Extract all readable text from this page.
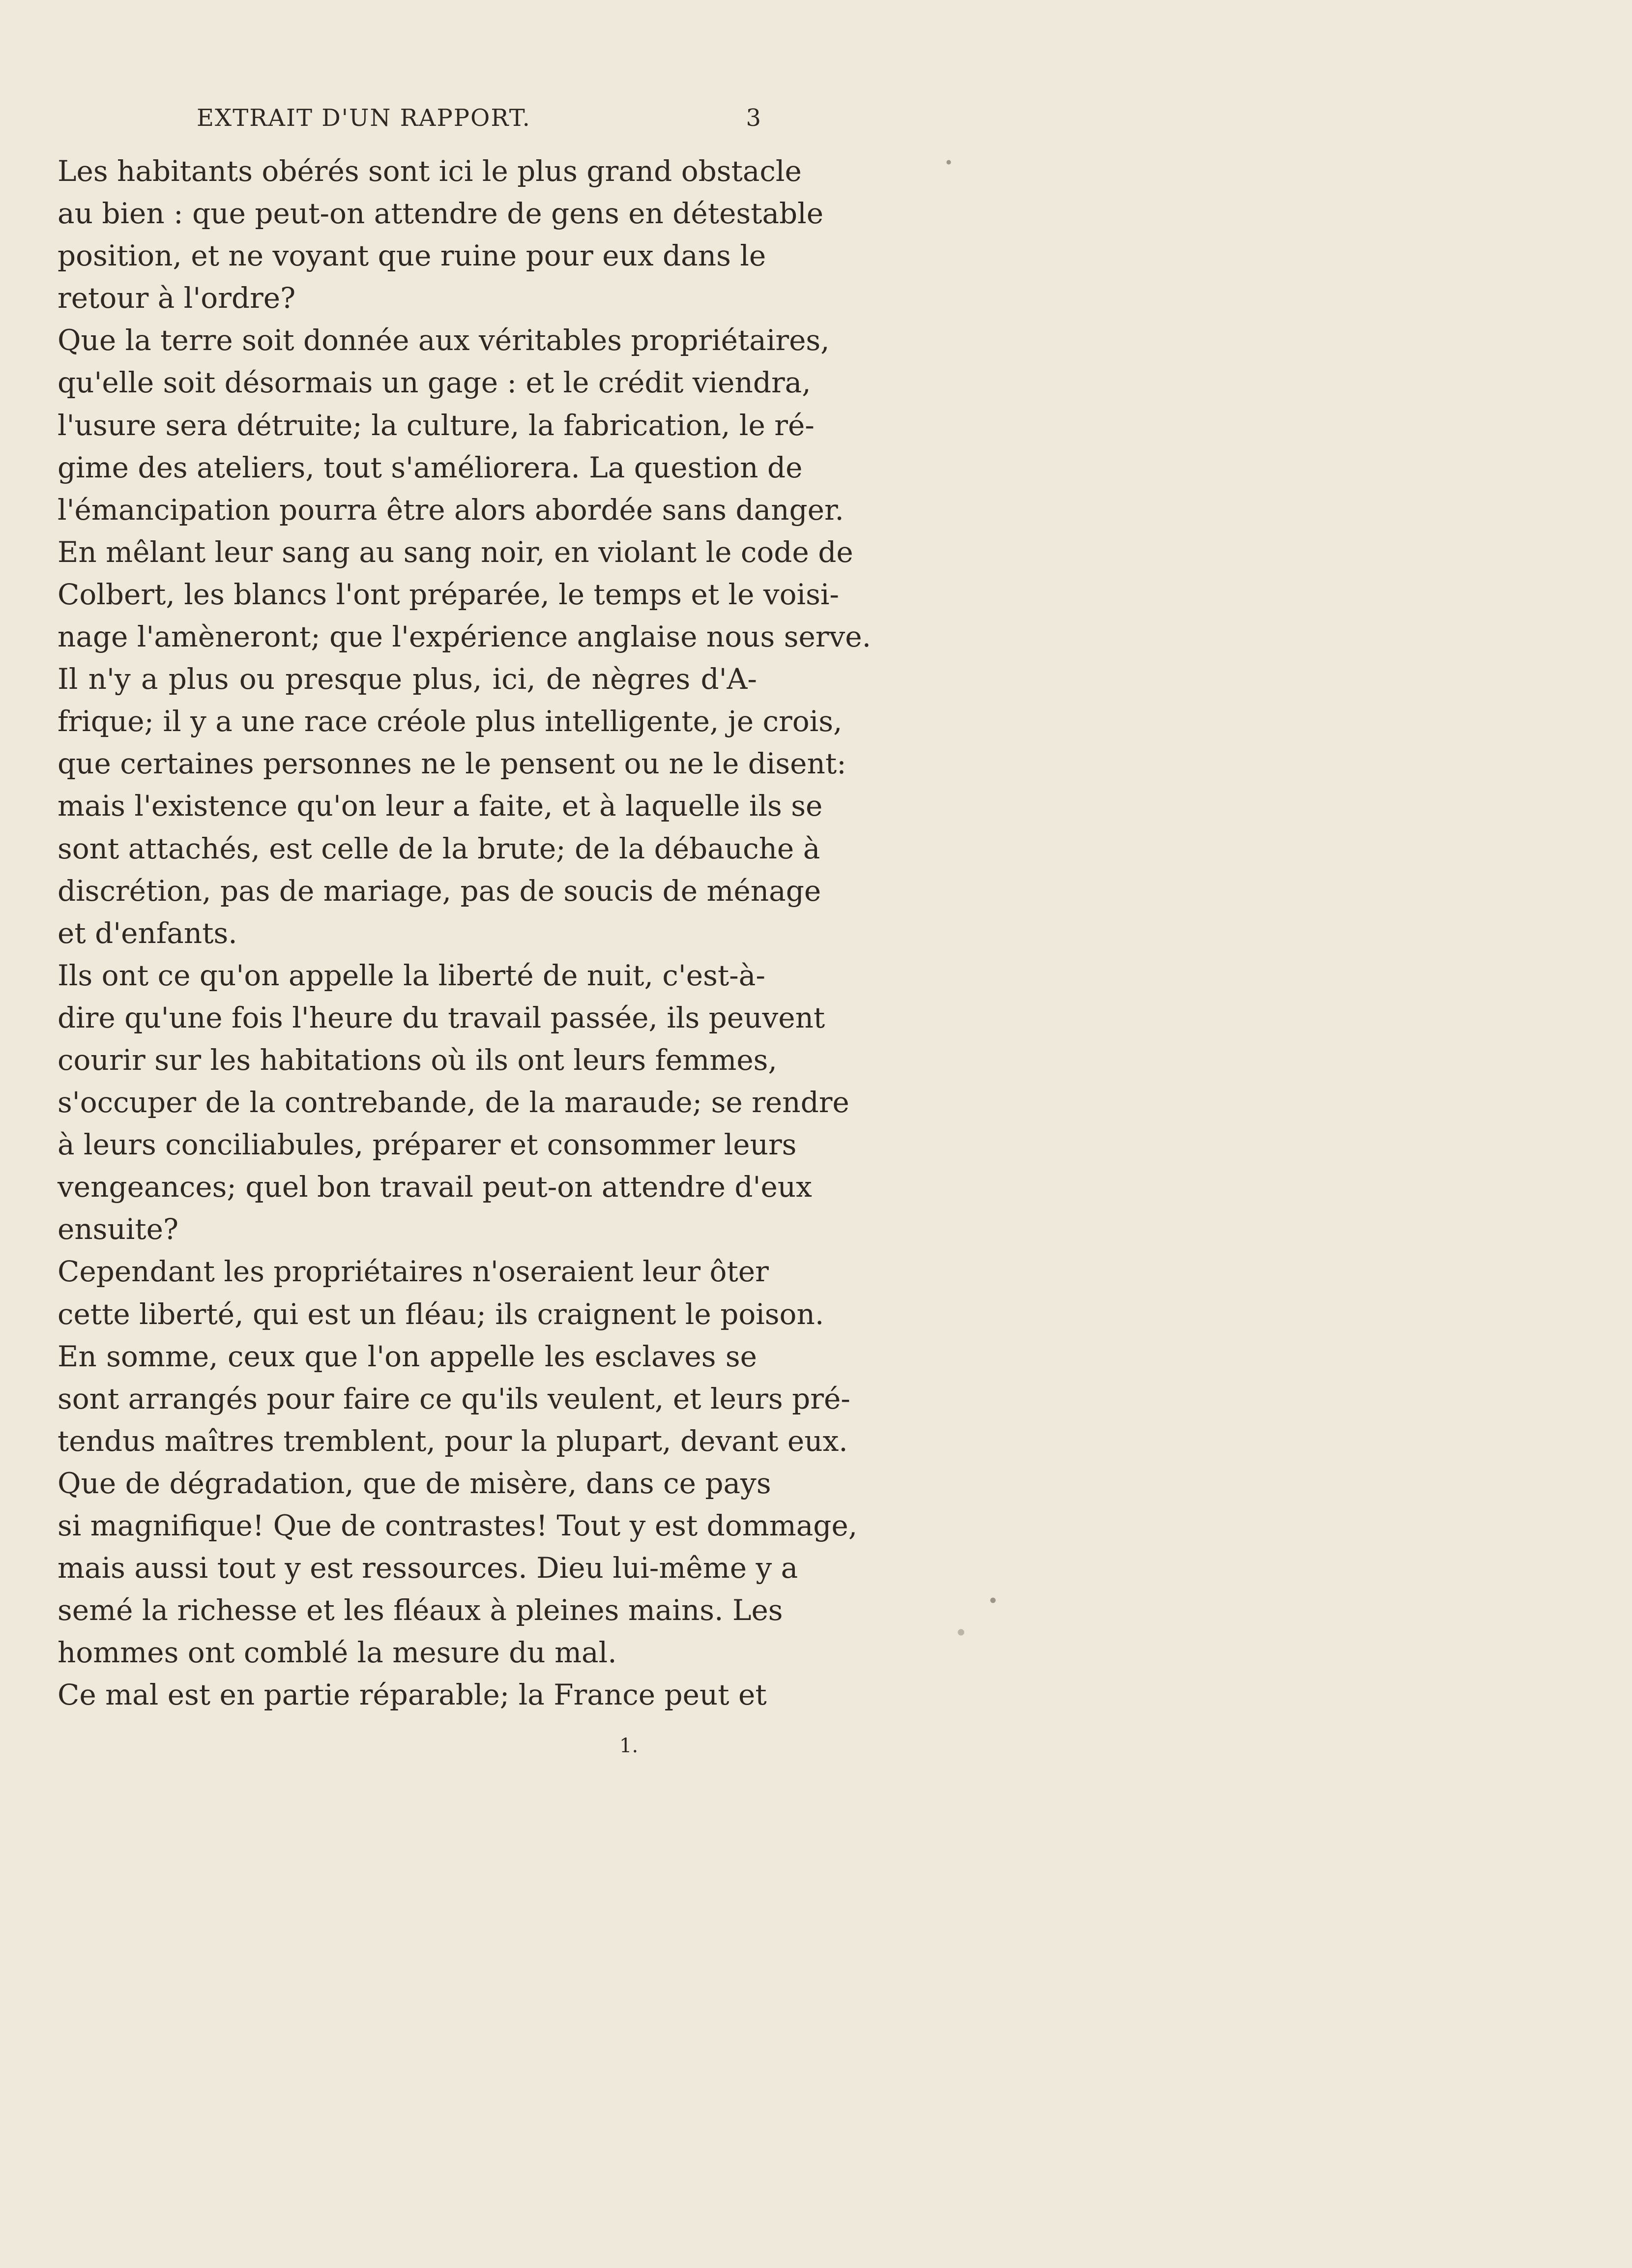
EXTRAIT D'UN RAPPORT.	3

Les habitants obérés sont ici le plus grand obstacle
au bien : que peut-on attendre de gens en détestable
position, et ne voyant que ruine pour eux dans le
retour à l'ordre?

Que la terre soit donnée aux véritables propriétaires,
qu'elle soit désormais un gage : et le crédit viendra,
l'usure sera détruite; la culture, la fabrication, le ré-
gime des ateliers, tout s'améliorera. La question de
l'émancipation pourra être alors abordée sans danger.
En mêlant leur sang au sang noir, en violant le code de
Colbert, les blancs l'ont préparée, le temps et le voisi-
nage l'amèneront; que l'expérience anglaise nous serve.

Il n'y a plus ou presque plus, ici, de nègres d'A-
frique; il y a une race créole plus intelligente, je crois,
que certaines personnes ne le pensent ou ne le disent:
mais l'existence qu'on leur a faite, et à laquelle ils se
sont attachés, est celle de la brute; de la débauche à
discrétion, pas de mariage, pas de soucis de ménage
et d'enfants.

Ils ont ce qu'on appelle la liberté de nuit, c'est-à-
dire qu'une fois l'heure du travail passée, ils peuvent
courir sur les habitations où ils ont leurs femmes,
s'occuper de la contrebande, de la maraude; se rendre
à leurs conciliabules, préparer et consommer leurs
vengeances; quel bon travail peut-on attendre d'eux
ensuite?

Cependant les propriétaires n'oseraient leur ôter
cette liberté, qui est un fléau; ils craignent le poison.

En somme, ceux que l'on appelle les esclaves se
sont arrangés pour faire ce qu'ils veulent, et leurs pré-
tendus maîtres tremblent, pour la plupart, devant eux.

Que de dégradation, que de misère, dans ce pays
si magnifique! Que de contrastes! Tout y est dommage,
mais aussi tout y est ressources. Dieu lui-même y a
semé la richesse et les fléaux à pleines mains. Les
hommes ont comblé la mesure du mal.

Ce mal est en partie réparable; la France peut et

1.
